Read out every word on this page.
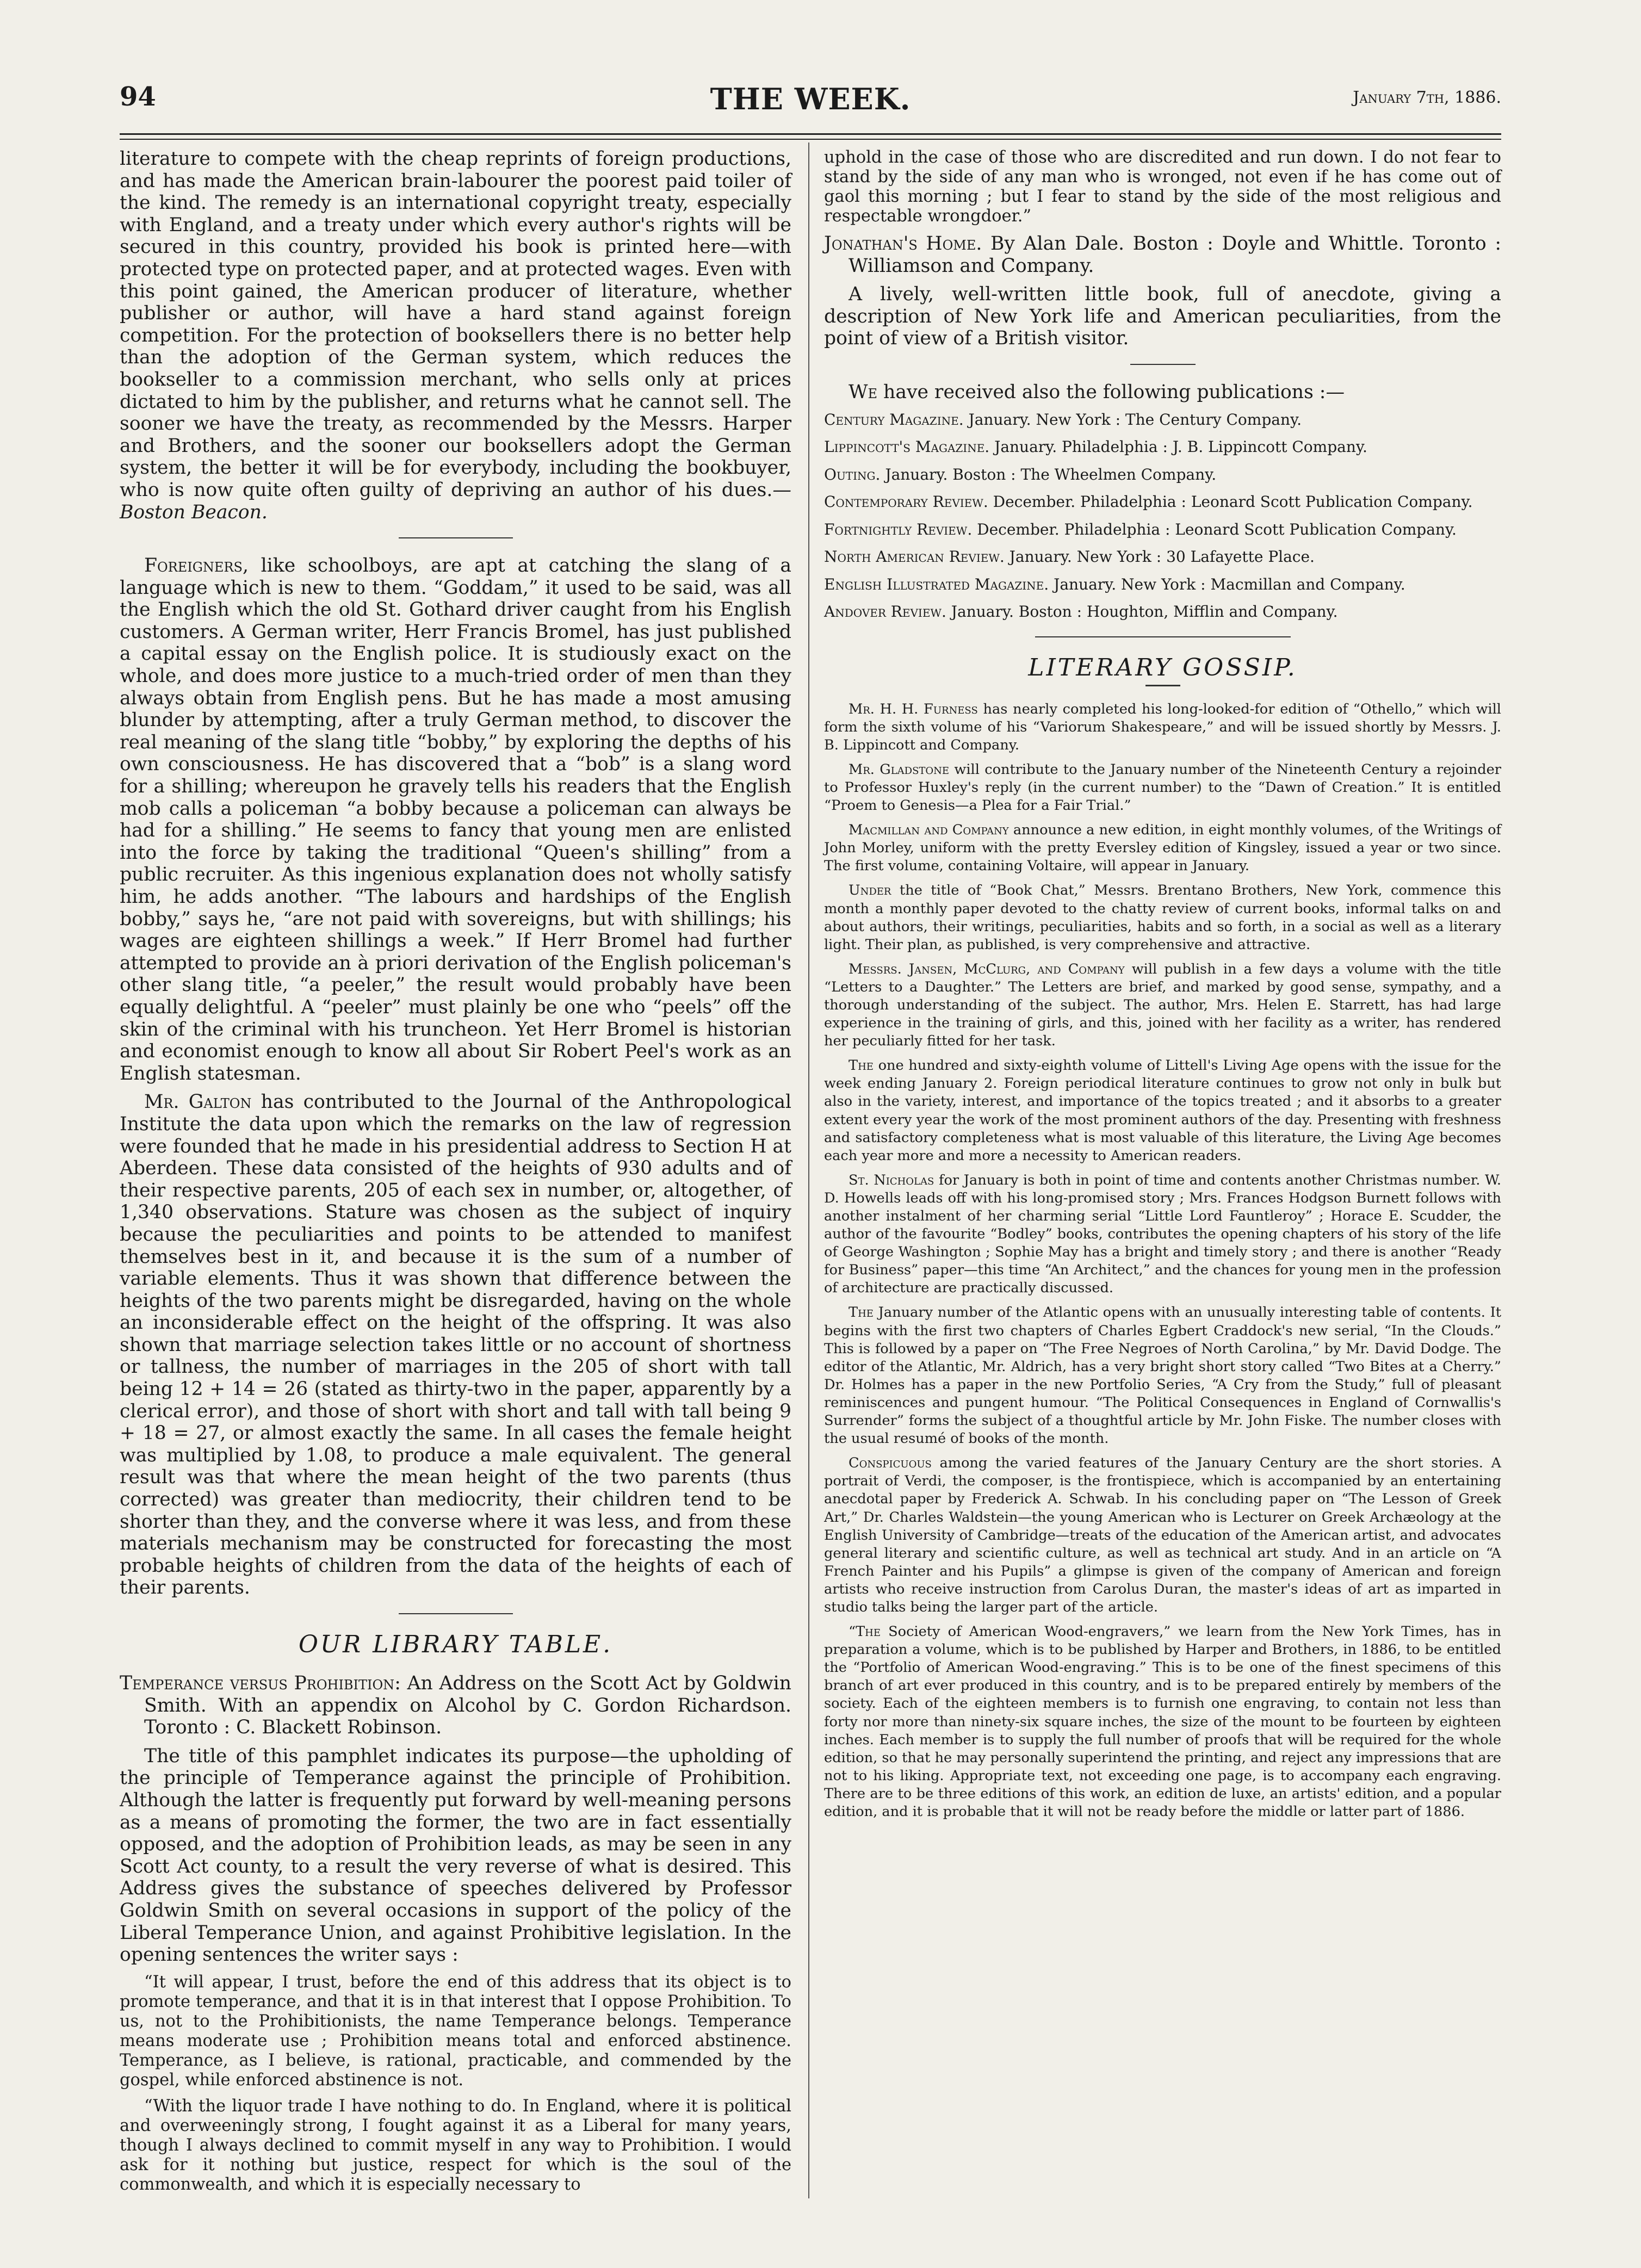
94	THE WEEK.	January 7th, 1886.

literature to compete with the cheap reprints of foreign productions, and has made the American brain-labourer the poorest paid toiler of the kind. The remedy is an international copyright treaty, especially with England, and a treaty under which every author's rights will be secured in this country, provided his book is printed here—with protected type on protected paper, and at protected wages. Even with this point gained, the American producer of literature, whether publisher or author, will have a hard stand against foreign competition. For the protection of booksellers there is no better help than the adoption of the German system, which reduces the bookseller to a commission merchant, who sells only at prices dictated to him by the publisher, and returns what he cannot sell. The sooner we have the treaty, as recommended by the Messrs. Harper and Brothers, and the sooner our booksellers adopt the German system, the better it will be for everybody, including the bookbuyer, who is now quite often guilty of depriving an author of his dues.—Boston Beacon.

Foreigners, like schoolboys, are apt at catching the slang of a language which is new to them. “Goddam,” it used to be said, was all the English which the old St. Gothard driver caught from his English customers. A German writer, Herr Francis Bromel, has just published a capital essay on the English police. It is studiously exact on the whole, and does more justice to a much-tried order of men than they always obtain from English pens. But he has made a most amusing blunder by attempting, after a truly German method, to discover the real meaning of the slang title “bobby,” by exploring the depths of his own consciousness. He has discovered that a “bob” is a slang word for a shilling; whereupon he gravely tells his readers that the English mob calls a policeman “a bobby because a policeman can always be had for a shilling.” He seems to fancy that young men are enlisted into the force by taking the traditional “Queen's shilling” from a public recruiter. As this ingenious explanation does not wholly satisfy him, he adds another. “The labours and hardships of the English bobby,” says he, “are not paid with sovereigns, but with shillings; his wages are eighteen shillings a week.” If Herr Bromel had further attempted to provide an à priori derivation of the English policeman's other slang title, “a peeler,” the result would probably have been equally delightful. A “peeler” must plainly be one who “peels” off the skin of the criminal with his truncheon. Yet Herr Bromel is historian and economist enough to know all about Sir Robert Peel's work as an English statesman.

Mr. Galton has contributed to the Journal of the Anthropological Institute the data upon which the remarks on the law of regression were founded that he made in his presidential address to Section H at Aberdeen. These data consisted of the heights of 930 adults and of their respective parents, 205 of each sex in number, or, altogether, of 1,340 observations. Stature was chosen as the subject of inquiry because the peculiarities and points to be attended to manifest themselves best in it, and because it is the sum of a number of variable elements. Thus it was shown that difference between the heights of the two parents might be disregarded, having on the whole an inconsiderable effect on the height of the offspring. It was also shown that marriage selection takes little or no account of shortness or tallness, the number of marriages in the 205 of short with tall being 12 + 14 = 26 (stated as thirty-two in the paper, apparently by a clerical error), and those of short with short and tall with tall being 9 + 18 = 27, or almost exactly the same. In all cases the female height was multiplied by 1.08, to produce a male equivalent. The general result was that where the mean height of the two parents (thus corrected) was greater than mediocrity, their children tend to be shorter than they, and the converse where it was less, and from these materials mechanism may be constructed for forecasting the most probable heights of children from the data of the heights of each of their parents.

OUR LIBRARY TABLE.

Temperance versus Prohibition: An Address on the Scott Act by Goldwin Smith. With an appendix on Alcohol by C. Gordon Richardson. Toronto : C. Blackett Robinson.

The title of this pamphlet indicates its purpose—the upholding of the principle of Temperance against the principle of Prohibition. Although the latter is frequently put forward by well-meaning persons as a means of promoting the former, the two are in fact essentially opposed, and the adoption of Prohibition leads, as may be seen in any Scott Act county, to a result the very reverse of what is desired. This Address gives the substance of speeches delivered by Professor Goldwin Smith on several occasions in support of the policy of the Liberal Temperance Union, and against Prohibitive legislation. In the opening sentences the writer says :

“It will appear, I trust, before the end of this address that its object is to promote temperance, and that it is in that interest that I oppose Prohibition. To us, not to the Prohibitionists, the name Temperance belongs. Temperance means moderate use ; Prohibition means total and enforced abstinence. Temperance, as I believe, is rational, practicable, and commended by the gospel, while enforced abstinence is not.

“With the liquor trade I have nothing to do. In England, where it is political and overweeningly strong, I fought against it as a Liberal for many years, though I always declined to commit myself in any way to Prohibition. I would ask for it nothing but justice, respect for which is the soul of the commonwealth, and which it is especially necessary to

uphold in the case of those who are discredited and run down. I do not fear to stand by the side of any man who is wronged, not even if he has come out of gaol this morning ; but I fear to stand by the side of the most religious and respectable wrongdoer.”

Jonathan's Home. By Alan Dale. Boston : Doyle and Whittle. Toronto : Williamson and Company.

A lively, well-written little book, full of anecdote, giving a description of New York life and American peculiarities, from the point of view of a British visitor.

We have received also the following publications :—

Century Magazine. January. New York : The Century Company.

Lippincott's Magazine. January. Philadelphia : J. B. Lippincott Company.

Outing. January. Boston : The Wheelmen Company.

Contemporary Review. December. Philadelphia : Leonard Scott Publication Company.

Fortnightly Review. December. Philadelphia : Leonard Scott Publication Company.

North American Review. January. New York : 30 Lafayette Place.

English Illustrated Magazine. January. New York : Macmillan and Company.

Andover Review. January. Boston : Houghton, Mifflin and Company.

LITERARY GOSSIP.

Mr. H. H. Furness has nearly completed his long-looked-for edition of “Othello,” which will form the sixth volume of his “Variorum Shakespeare,” and will be issued shortly by Messrs. J. B. Lippincott and Company.

Mr. Gladstone will contribute to the January number of the Nineteenth Century a rejoinder to Professor Huxley's reply (in the current number) to the “Dawn of Creation.” It is entitled “Proem to Genesis—a Plea for a Fair Trial.”

Macmillan and Company announce a new edition, in eight monthly volumes, of the Writings of John Morley, uniform with the pretty Eversley edition of Kingsley, issued a year or two since. The first volume, containing Voltaire, will appear in January.

Under the title of “Book Chat,” Messrs. Brentano Brothers, New York, commence this month a monthly paper devoted to the chatty review of current books, informal talks on and about authors, their writings, peculiarities, habits and so forth, in a social as well as a literary light. Their plan, as published, is very comprehensive and attractive.

Messrs. Jansen, McClurg, and Company will publish in a few days a volume with the title “Letters to a Daughter.” The Letters are brief, and marked by good sense, sympathy, and a thorough understanding of the subject. The author, Mrs. Helen E. Starrett, has had large experience in the training of girls, and this, joined with her facility as a writer, has rendered her peculiarly fitted for her task.

The one hundred and sixty-eighth volume of Littell's Living Age opens with the issue for the week ending January 2. Foreign periodical literature continues to grow not only in bulk but also in the variety, interest, and importance of the topics treated ; and it absorbs to a greater extent every year the work of the most prominent authors of the day. Presenting with freshness and satisfactory completeness what is most valuable of this literature, the Living Age becomes each year more and more a necessity to American readers.

St. Nicholas for January is both in point of time and contents another Christmas number. W. D. Howells leads off with his long-promised story ; Mrs. Frances Hodgson Burnett follows with another instalment of her charming serial “Little Lord Fauntleroy” ; Horace E. Scudder, the author of the favourite “Bodley” books, contributes the opening chapters of his story of the life of George Washington ; Sophie May has a bright and timely story ; and there is another “Ready for Business” paper—this time “An Architect,” and the chances for young men in the profession of architecture are practically discussed.

The January number of the Atlantic opens with an unusually interesting table of contents. It begins with the first two chapters of Charles Egbert Craddock's new serial, “In the Clouds.” This is followed by a paper on “The Free Negroes of North Carolina,” by Mr. David Dodge. The editor of the Atlantic, Mr. Aldrich, has a very bright short story called “Two Bites at a Cherry.” Dr. Holmes has a paper in the new Portfolio Series, “A Cry from the Study,” full of pleasant reminiscences and pungent humour. “The Political Consequences in England of Cornwallis's Surrender” forms the subject of a thoughtful article by Mr. John Fiske. The number closes with the usual resumé of books of the month.

Conspicuous among the varied features of the January Century are the short stories. A portrait of Verdi, the composer, is the frontispiece, which is accompanied by an entertaining anecdotal paper by Frederick A. Schwab. In his concluding paper on “The Lesson of Greek Art,” Dr. Charles Waldstein—the young American who is Lecturer on Greek Archæology at the English University of Cambridge—treats of the education of the American artist, and advocates general literary and scientific culture, as well as technical art study. And in an article on “A French Painter and his Pupils” a glimpse is given of the company of American and foreign artists who receive instruction from Carolus Duran, the master's ideas of art as imparted in studio talks being the larger part of the article.

“The Society of American Wood-engravers,” we learn from the New York Times, has in preparation a volume, which is to be published by Harper and Brothers, in 1886, to be entitled the “Portfolio of American Wood-engraving.” This is to be one of the finest specimens of this branch of art ever produced in this country, and is to be prepared entirely by members of the society. Each of the eighteen members is to furnish one engraving, to contain not less than forty nor more than ninety-six square inches, the size of the mount to be fourteen by eighteen inches. Each member is to supply the full number of proofs that will be required for the whole edition, so that he may personally superintend the printing, and reject any impressions that are not to his liking. Appropriate text, not exceeding one page, is to accompany each engraving. There are to be three editions of this work, an edition de luxe, an artists' edition, and a popular edition, and it is probable that it will not be ready before the middle or latter part of 1886.
